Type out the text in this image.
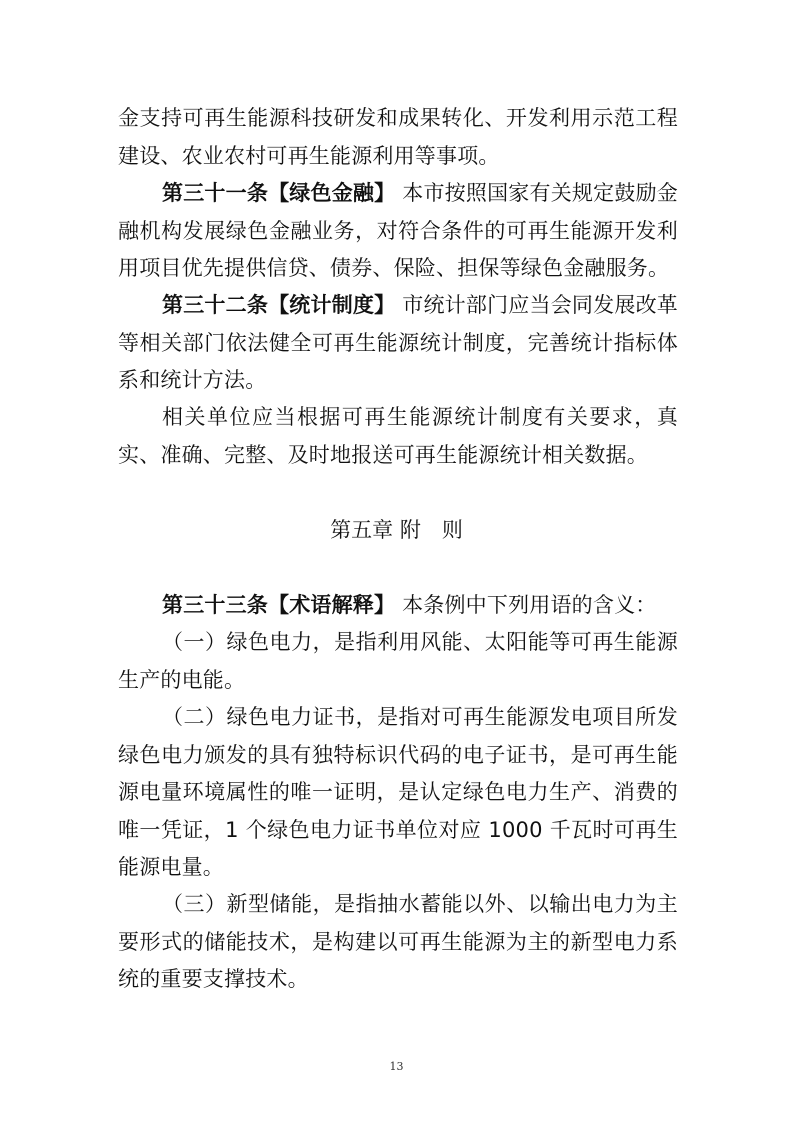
金支持可再生能源科技研发和成果转化、开发利用示范工程建设、农业农村可再生能源利用等事项。

第三十一条【绿色金融】 本市按照国家有关规定鼓励金融机构发展绿色金融业务，对符合条件的可再生能源开发利用项目优先提供信贷、债券、保险、担保等绿色金融服务。

第三十二条【统计制度】 市统计部门应当会同发展改革等相关部门依法健全可再生能源统计制度，完善统计指标体系和统计方法。

相关单位应当根据可再生能源统计制度有关要求，真实、准确、完整、及时地报送可再生能源统计相关数据。

第五章 附　则

第三十三条【术语解释】 本条例中下列用语的含义：

（一）绿色电力，是指利用风能、太阳能等可再生能源生产的电能。

（二）绿色电力证书，是指对可再生能源发电项目所发绿色电力颁发的具有独特标识代码的电子证书，是可再生能源电量环境属性的唯一证明，是认定绿色电力生产、消费的唯一凭证，1 个绿色电力证书单位对应 1000 千瓦时可再生能源电量。

（三）新型储能，是指抽水蓄能以外、以输出电力为主要形式的储能技术，是构建以可再生能源为主的新型电力系统的重要支撑技术。

13
